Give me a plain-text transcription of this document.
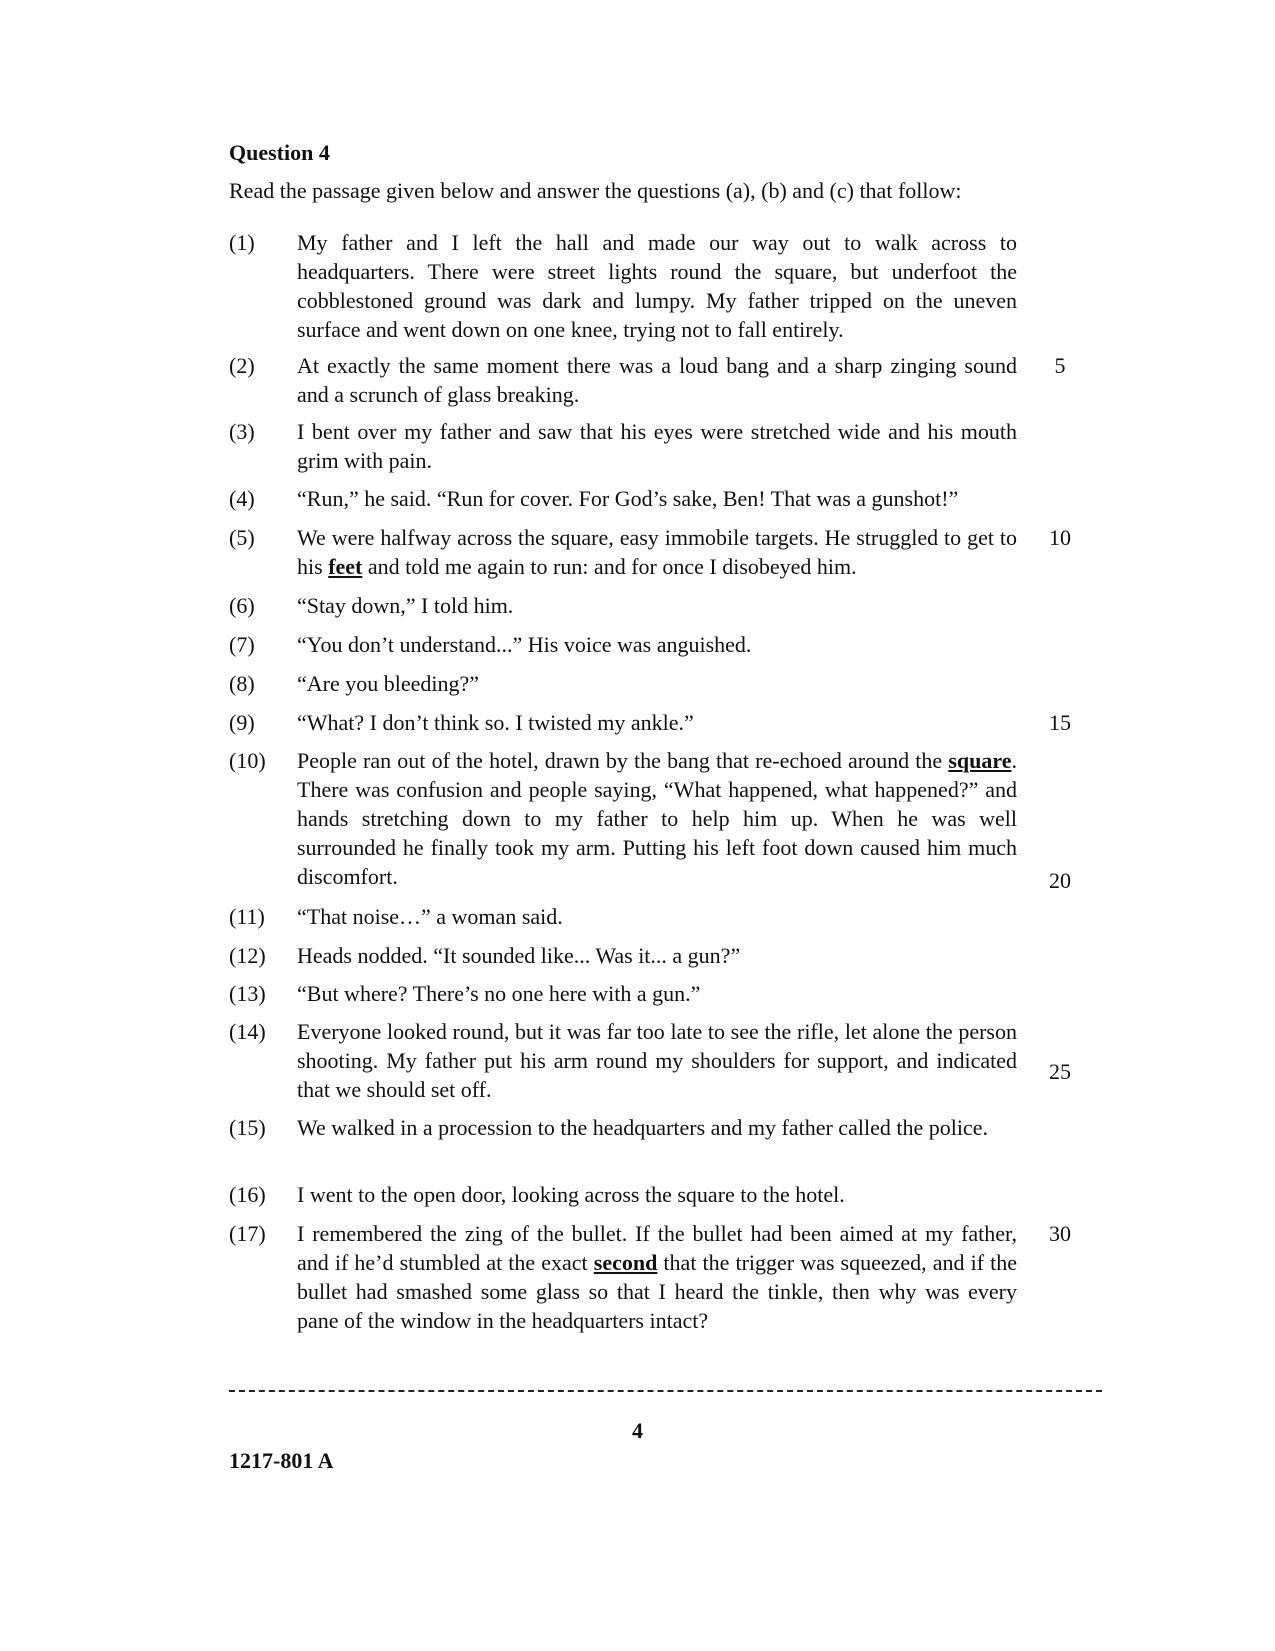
Question 4

Read the passage given below and answer the questions (a), (b) and (c) that follow:

(1)	My father and I left the hall and made our way out to walk across to headquarters. There were street lights round the square, but underfoot the cobblestoned ground was dark and lumpy. My father tripped on the uneven surface and went down on one knee, trying not to fall entirely.
(2)	At exactly the same moment there was a loud bang and a sharp zinging sound and a scrunch of glass breaking.
(3)	I bent over my father and saw that his eyes were stretched wide and his mouth grim with pain.
(4)	“Run,” he said. “Run for cover. For God’s sake, Ben! That was a gunshot!”
(5)	We were halfway across the square, easy immobile targets. He struggled to get to his feet and told me again to run: and for once I disobeyed him.
(6)	“Stay down,” I told him.
(7)	“You don’t understand...” His voice was anguished.
(8)	“Are you bleeding?”
(9)	“What? I don’t think so. I twisted my ankle.”
(10)	People ran out of the hotel, drawn by the bang that re-echoed around the square. There was confusion and people saying, “What happened, what happened?” and hands stretching down to my father to help him up. When he was well surrounded he finally took my arm. Putting his left foot down caused him much discomfort.
(11)	“That noise…” a woman said.
(12)	Heads nodded. “It sounded like... Was it... a gun?”
(13)	“But where? There’s no one here with a gun.”
(14)	Everyone looked round, but it was far too late to see the rifle, let alone the person shooting. My father put his arm round my shoulders for support, and indicated that we should set off.
(15)	We walked in a procession to the headquarters and my father called the police.
(16)	I went to the open door, looking across the square to the hotel.
(17)	I remembered the zing of the bullet. If the bullet had been aimed at my father, and if he’d stumbled at the exact second that the trigger was squeezed, and if the bullet had smashed some glass so that I heard the tinkle, then why was every pane of the window in the headquarters intact?
5
10
15
20
25
30
4
1217-801 A
